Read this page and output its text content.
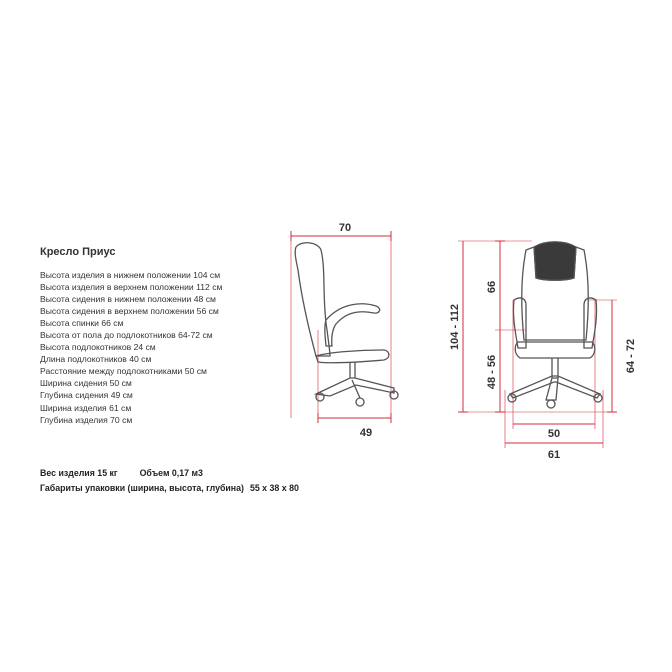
Кресло Приус
Высота изделия в нижнем положении 104 см
Высота изделия в верхнем положении 112 см
Высота сидения в нижнем положении 48 см
Высота сидения в верхнем положении 56 см
Высота спинки 66 см
Высота от пола до подлокотников 64-72 см
Высота подлокотников 24 см
Длина подлокотников 40 см
Расстояние между подлокотниками 50 см
Ширина сидения 50 см
Глубина сидения 49 см
Ширина изделия 61 см
Глубина изделия 70 см
Вес изделия 15 кг	Объем 0,17 м3
Габариты упаковки (ширина, высота, глубина) 55 х 38 х 80
70
49
104 - 112
66
48 - 56	64 - 72
50
61
